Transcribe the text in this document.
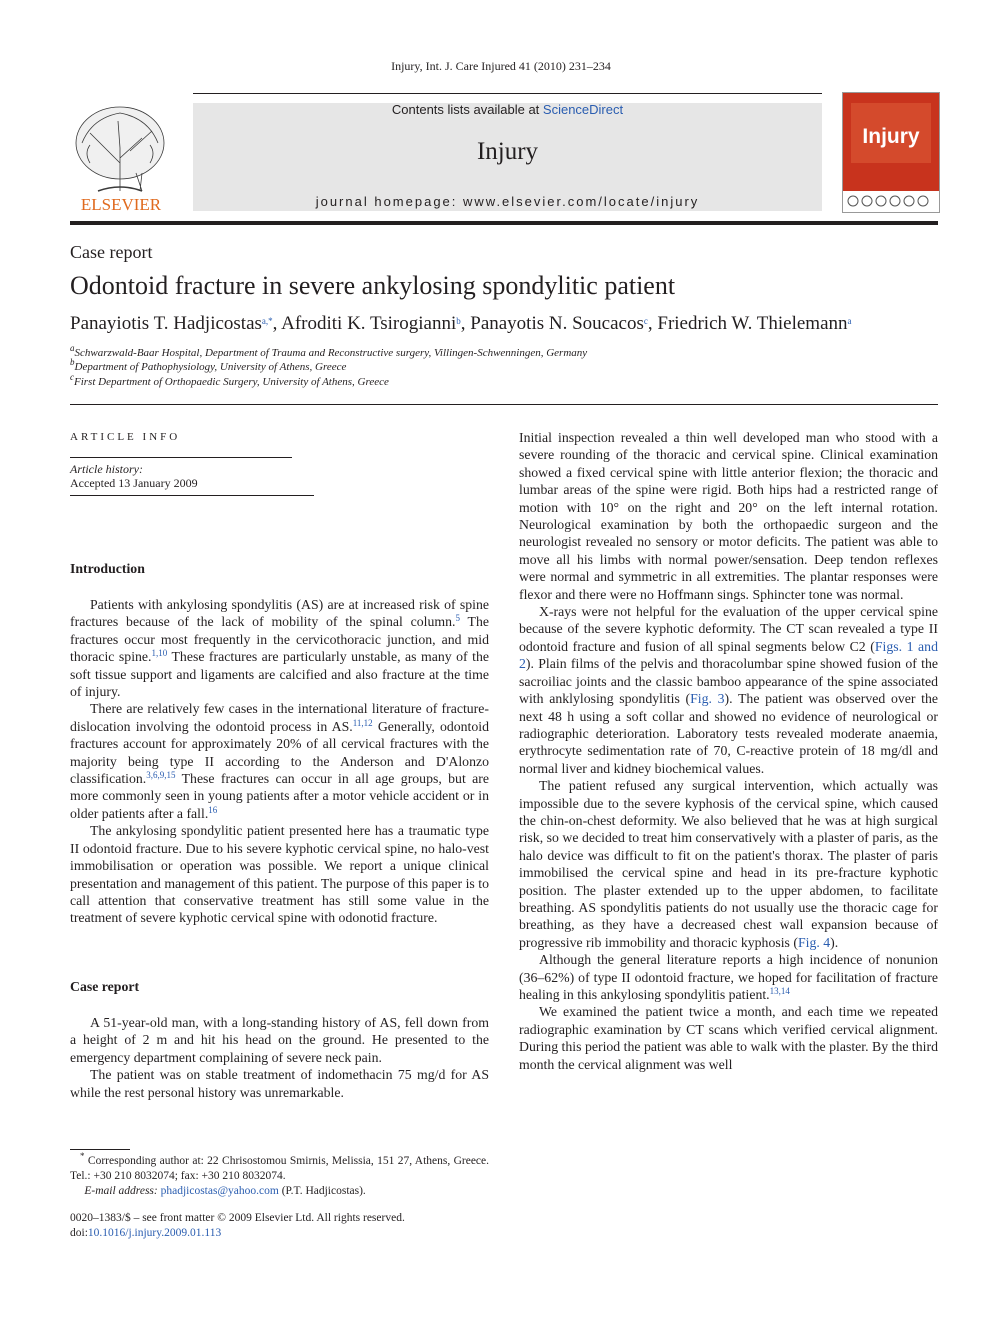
Injury, Int. J. Care Injured 41 (2010) 231–234
ELSEVIER
Contents lists available at ScienceDirect
Injury
journal homepage: www.elsevier.com/locate/injury
Injury
Case report
Odontoid fracture in severe ankylosing spondylitic patient
Panayiotis T. Hadjicostas$^{a,*}$, Afroditi K. Tsirogianni$^b$, Panayotis N. Soucacos$^c$, Friedrich W. Thielemann$^a$
$^a$Schwarzwald-Baar Hospital, Department of Trauma and Reconstructive surgery, Villingen-Schwenningen, Germany
$^b$Department of Pathophysiology, University of Athens, Greece
$^c$First Department of Orthopaedic Surgery, University of Athens, Greece
ARTICLE INFO
Article history:
Accepted 13 January 2009
Introduction

Patients with ankylosing spondylitis (AS) are at increased risk of spine fractures because of the lack of mobility of the spinal column.$^5$ The fractures occur most frequently in the cervicothoracic junction, and mid thoracic spine.$^{1,10}$ These fractures are particularly unstable, as many of the soft tissue support and ligaments are calcified and also fracture at the time of injury.

There are relatively few cases in the international literature of fracture-dislocation involving the odontoid process in AS.$^{11,12}$ Generally, odontoid fractures account for approximately 20% of all cervical fractures with the majority being type II according to the Anderson and D'Alonzo classification.$^{3,6,9,15}$ These fractures can occur in all age groups, but are more commonly seen in young patients after a motor vehicle accident or in older patients after a fall.$^{16}$

The ankylosing spondylitic patient presented here has a traumatic type II odontoid fracture. Due to his severe kyphotic cervical spine, no halo-vest immobilisation or operation was possible. We report a unique clinical presentation and management of this patient. The purpose of this paper is to call attention that conservative treatment has still some value in the treatment of severe kyphotic cervical spine with odonotid fracture.

Case report

A 51-year-old man, with a long-standing history of AS, fell down from a height of 2 m and hit his head on the ground. He presented to the emergency department complaining of severe neck pain.

The patient was on stable treatment of indomethacin 75 mg/d for AS while the rest personal history was unremarkable.

Initial inspection revealed a thin well developed man who stood with a severe rounding of the thoracic and cervical spine. Clinical examination showed a fixed cervical spine with little anterior flexion; the thoracic and lumbar areas of the spine were rigid. Both hips had a restricted range of motion with 10° on the right and 20° on the left internal rotation. Neurological examination by both the orthopaedic surgeon and the neurologist revealed no sensory or motor deficits. The patient was able to move all his limbs with normal power/sensation. Deep tendon reflexes were normal and symmetric in all extremities. The plantar responses were flexor and there were no Hoffmann sings. Sphincter tone was normal.

X-rays were not helpful for the evaluation of the upper cervical spine because of the severe kyphotic deformity. The CT scan revealed a type II odontoid fracture and fusion of all spinal segments below C2 (Figs. 1 and 2). Plain films of the pelvis and thoracolumbar spine showed fusion of the sacroiliac joints and the classic bamboo appearance of the spine associated with anklylosing spondylitis (Fig. 3). The patient was observed over the next 48 h using a soft collar and showed no evidence of neurological or radiographic deterioration. Laboratory tests revealed moderate anaemia, erythrocyte sedimentation rate of 70, C-reactive protein of 18 mg/dl and normal liver and kidney biochemical values.

The patient refused any surgical intervention, which actually was impossible due to the severe kyphosis of the cervical spine, which caused the chin-on-chest deformity. We also believed that he was at high surgical risk, so we decided to treat him conservatively with a plaster of paris, as the halo device was difficult to fit on the patient's thorax. The plaster of paris immobilised the cervical spine and head in its pre-fracture kyphotic position. The plaster extended up to the upper abdomen, to facilitate breathing. AS spondylitis patients do not usually use the thoracic cage for breathing, as they have a decreased chest wall expansion because of progressive rib immobility and thoracic kyphosis (Fig. 4).

Although the general literature reports a high incidence of nonunion (36–62%) of type II odontoid fracture, we hoped for facilitation of fracture healing in this ankylosing spondylitis patient.$^{13,14}$

We examined the patient twice a month, and each time we repeated radiographic examination by CT scans which verified cervical alignment. During this period the patient was able to walk with the plaster. By the third month the cervical alignment was well

* Corresponding author at: 22 Chrisostomou Smirnis, Melissia, 151 27, Athens, Greece. Tel.: +30 210 8032074; fax: +30 210 8032074.

E-mail address: phadjicostas@yahoo.com (P.T. Hadjicostas).

0020–1383/$ – see front matter © 2009 Elsevier Ltd. All rights reserved.
doi:10.1016/j.injury.2009.01.113
